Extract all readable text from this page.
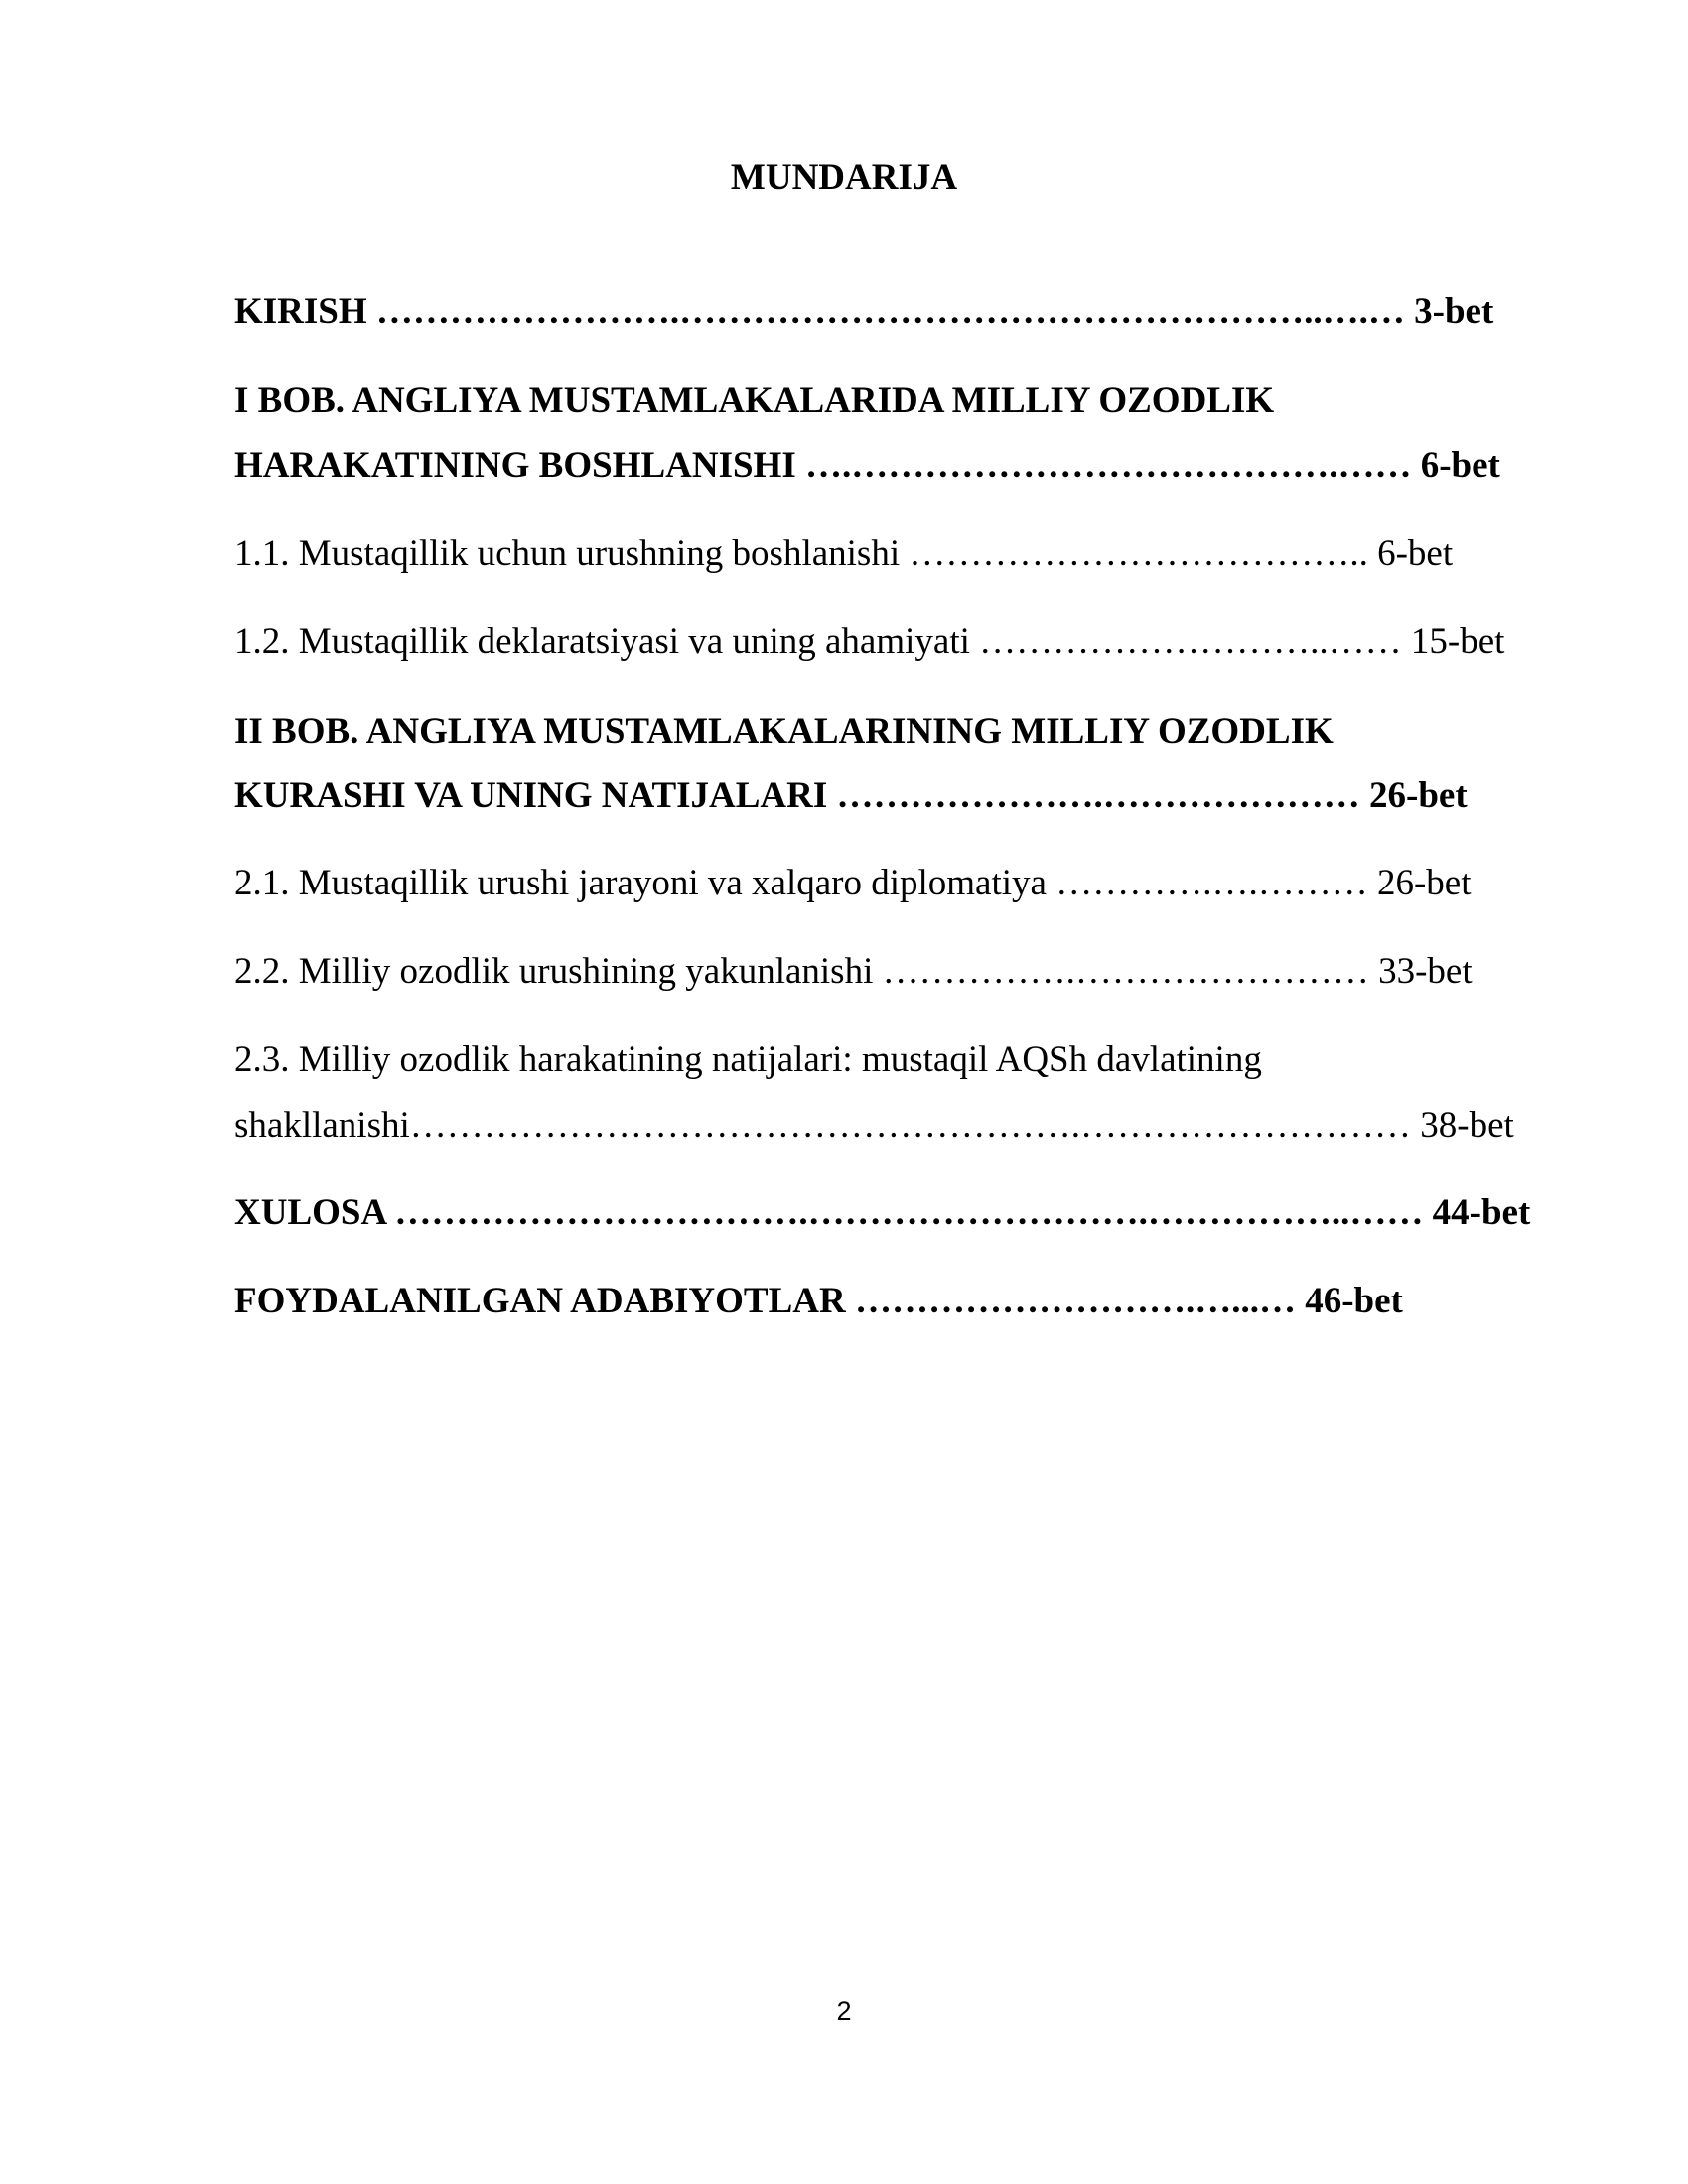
MUNDARIJA
KIRISH …………………….……………………………………………..….… 3-bet
I BOB. ANGLIYA MUSTAMLAKALARIDA MILLIY OZODLIK
HARAKATINING BOSHLANISHI ….………………………………….…… 6-bet
1.1. Mustaqillik uchun urushning boshlanishi ……………………………….. 6-bet
1.2. Mustaqillik deklaratsiyasi va uning ahamiyati ………………………..…… 15-bet
II BOB. ANGLIYA MUSTAMLAKALARINING MILLIY OZODLIK
KURASHI VA UNING NATIJALARI ………………….………………… 26-bet
2.1. Mustaqillik urushi jarayoni va xalqaro diplomatiya ………….….……… 26-bet
2.2. Milliy ozodlik urushining yakunlanishi …………….…………………… 33-bet
2.3. Milliy ozodlik harakatining natijalari: mustaqil AQSh davlatining
shakllanishi……………………………………………….……………………… 38-bet
XULOSA …………………………….……………………….……………..…… 44-bet
FOYDALANILGAN ADABIYOTLAR ……………………….…...… 46-bet
2
